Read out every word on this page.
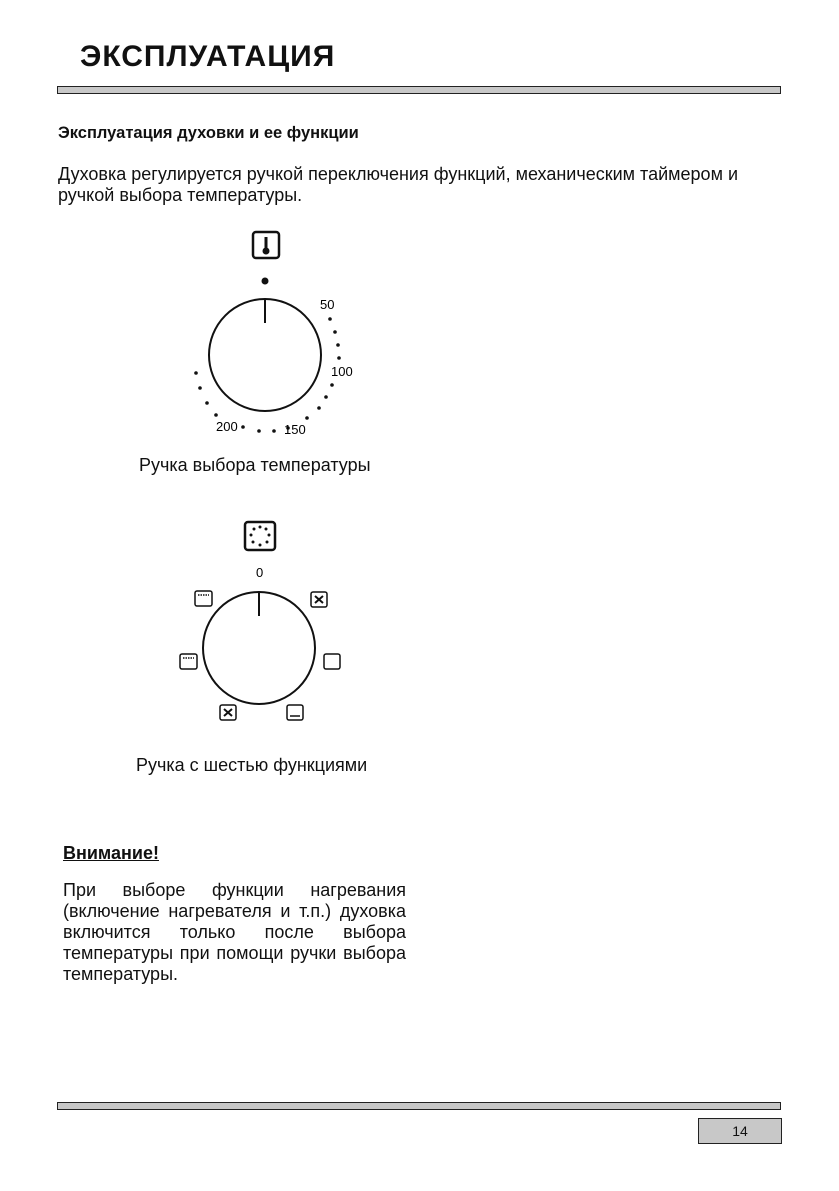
ЭКСПЛУАТАЦИЯ
Эксплуатация духовки и ее функции

Духовка регулируется ручкой переключения функций, механическим таймером и ручкой выбора температуры.

50
100
150
200

Ручка выбора температуры

0

Ручка с шестью функциями

Внимание!

При выборе функции нагревания (включение нагревателя и т.п.) духовка включится только после выбора температуры при помощи ручки выбора температуры.

14
